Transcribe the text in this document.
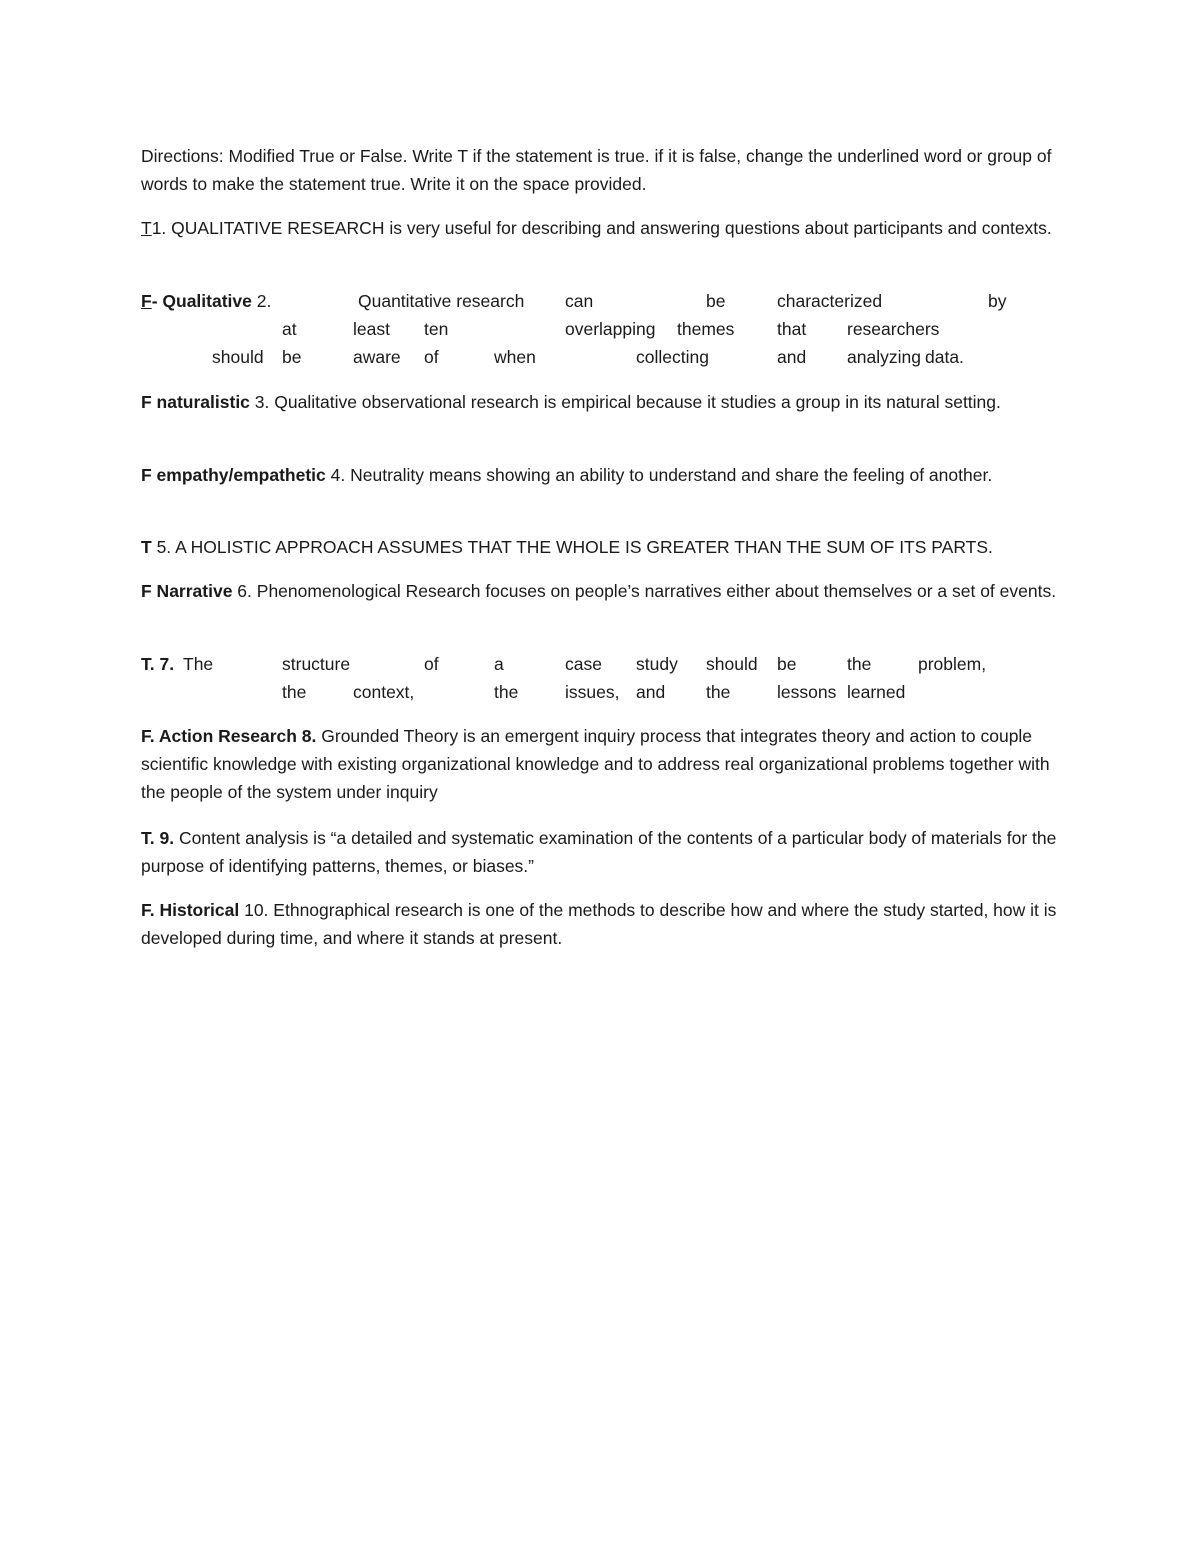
Directions: Modified True or False. Write T if the statement is true. if it is false, change the underlined word or group of words to make the statement true. Write it on the space provided.

T1. QUALITATIVE RESEARCH is very useful for describing and answering questions about participants and contexts.

F- Qualitative 2.	Quantitative research can	be	characterized	by
at	least ten	overlapping themes that researchers
should be	aware of	when	collecting	and analyzing data.

F naturalistic 3. Qualitative observational research is empirical because it studies a group in its natural setting.

F empathy/empathetic 4. Neutrality means showing an ability to understand and share the feeling of another.

T 5. A HOLISTIC APPROACH ASSUMES THAT THE WHOLE IS GREATER THAN THE SUM OF ITS PARTS.

F Narrative 6. Phenomenological Research focuses on people’s narratives either about themselves or a set of events.

T. 7. The	structure	of	a	case study should be	the	problem,
the	context,	the	issues, and the	lessons learned

F. Action Research 8. Grounded Theory is an emergent inquiry process that integrates theory and action to couple scientific knowledge with existing organizational knowledge and to address real organizational problems together with the people of the system under inquiry

T. 9. Content analysis is “a detailed and systematic examination of the contents of a particular body of materials for the purpose of identifying patterns, themes, or biases.”

F. Historical 10. Ethnographical research is one of the methods to describe how and where the study started, how it is developed during time, and where it stands at present.
